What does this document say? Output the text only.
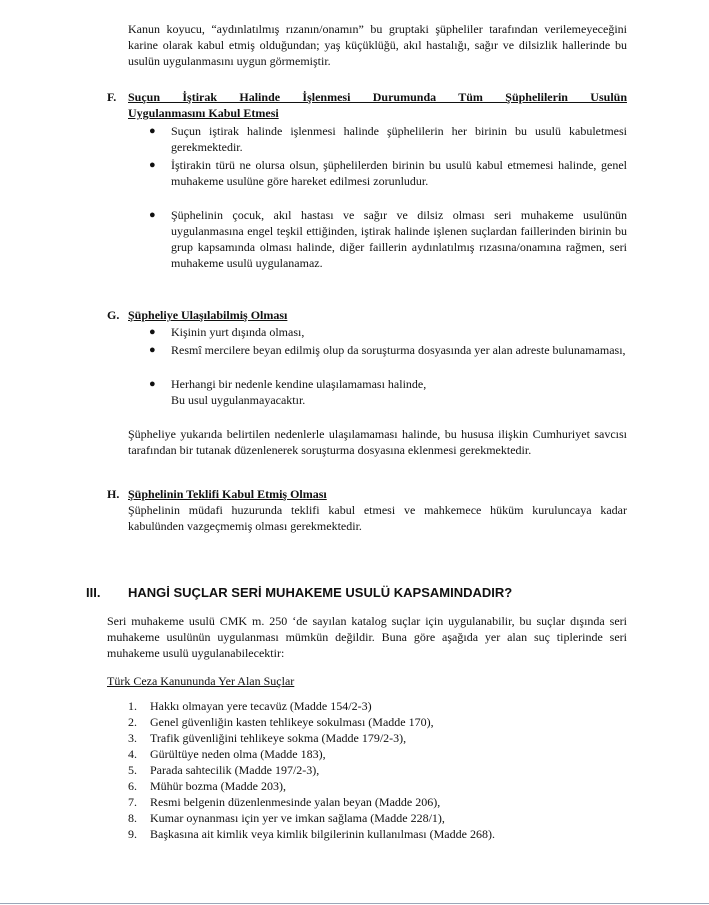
Kanun koyucu, “aydınlatılmış rızanın/onamın” bu gruptaki şüpheliler tarafından verilemeyeceğini karine olarak kabul etmiş olduğundan; yaş küçüklüğü, akıl hastalığı, sağır ve dilsizlik hallerinde bu usulün uygulanmasını uygun görmemiştir.
F. Suçun İştirak Halinde İşlenmesi Durumunda Tüm Şüphelilerin Usulün
Uygulanmasını Kabul Etmesi
● Suçun iştirak halinde işlenmesi halinde şüphelilerin her birinin bu usulü kabuletmesi gerekmektedir.
● İştirakin türü ne olursa olsun, şüphelilerden birinin bu usulü kabul etmemesi halinde, genel muhakeme usulüne göre hareket edilmesi zorunludur.
● Şüphelinin çocuk, akıl hastası ve sağır ve dilsiz olması seri muhakeme usulünün uygulanmasına engel teşkil ettiğinden, iştirak halinde işlenen suçlardan faillerinden birinin bu grup kapsamında olması halinde, diğer faillerin aydınlatılmış rızasına/onamına rağmen, seri muhakeme usulü uygulanamaz.
G. Şüpheliye Ulaşılabilmiş Olması
● Kişinin yurt dışında olması,
● Resmî mercilere beyan edilmiş olup da soruşturma dosyasında yer alan adreste bulunamaması,
● Herhangi bir nedenle kendine ulaşılamaması halinde,
Bu usul uygulanmayacaktır.
Şüpheliye yukarıda belirtilen nedenlerle ulaşılamaması halinde, bu hususa ilişkin Cumhuriyet savcısı tarafından bir tutanak düzenlenerek soruşturma dosyasına eklenmesi gerekmektedir.
H. Şüphelinin Teklifi Kabul Etmiş Olması
Şüphelinin müdafi huzurunda teklifi kabul etmesi ve mahkemece hüküm kuruluncaya kadar kabulünden vazgeçmemiş olması gerekmektedir.
III. HANGİ SUÇLAR SERİ MUHAKEME USULÜ KAPSAMINDADIR?
Seri muhakeme usulü CMK m. 250 ‘de sayılan katalog suçlar için uygulanabilir, bu suçlar dışında seri muhakeme usulünün uygulanması mümkün değildir. Buna göre aşağıda yer alan suç tiplerinde seri muhakeme usulü uygulanabilecektir:
Türk Ceza Kanununda Yer Alan Suçlar
1. Hakkı olmayan yere tecavüz (Madde 154/2-3)
2. Genel güvenliğin kasten tehlikeye sokulması (Madde 170),
3. Trafik güvenliğini tehlikeye sokma (Madde 179/2-3),
4. Gürültüye neden olma (Madde 183),
5. Parada sahtecilik (Madde 197/2-3),
6. Mühür bozma (Madde 203),
7. Resmi belgenin düzenlenmesinde yalan beyan (Madde 206),
8. Kumar oynanması için yer ve imkan sağlama (Madde 228/1),
9. Başkasına ait kimlik veya kimlik bilgilerinin kullanılması (Madde 268).
